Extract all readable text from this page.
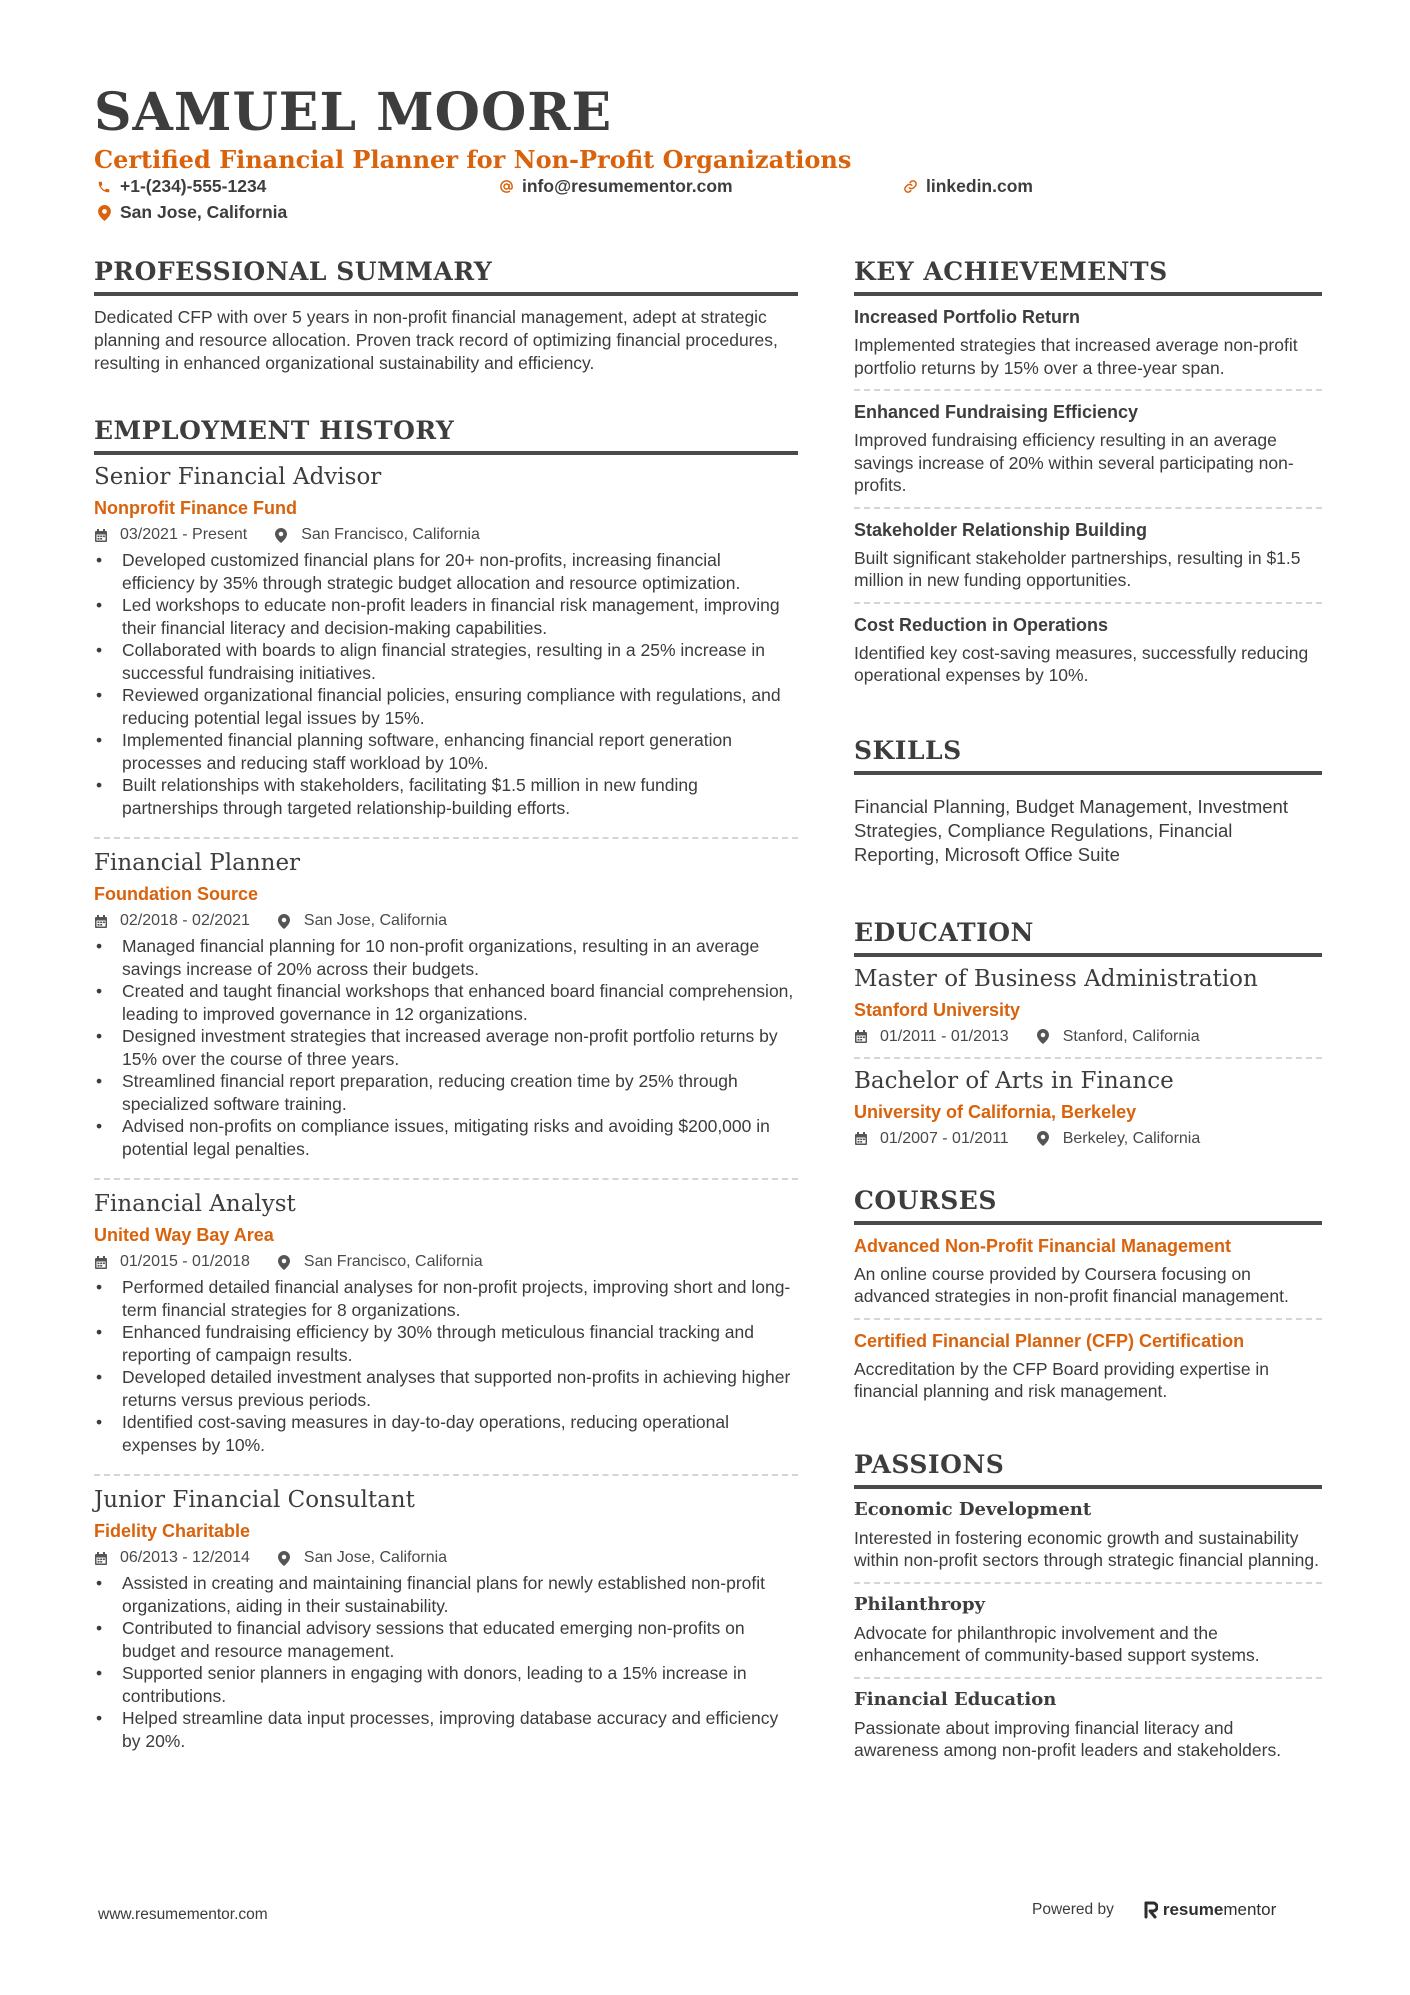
SAMUEL MOORE
Certified Financial Planner for Non-Profit Organizations
+1-(234)-555-1234	info@resumementor.com	linkedin.com
San Jose, California
PROFESSIONAL SUMMARY
Dedicated CFP with over 5 years in non-profit financial management, adept at strategic planning and resource allocation. Proven track record of optimizing financial procedures, resulting in enhanced organizational sustainability and efficiency.
EMPLOYMENT HISTORY
Senior Financial Advisor
Nonprofit Finance Fund
03/2021 - Present	San Francisco, California
• Developed customized financial plans for 20+ non-profits, increasing financial efficiency by 35% through strategic budget allocation and resource optimization.
• Led workshops to educate non-profit leaders in financial risk management, improving their financial literacy and decision-making capabilities.
• Collaborated with boards to align financial strategies, resulting in a 25% increase in successful fundraising initiatives.
• Reviewed organizational financial policies, ensuring compliance with regulations, and reducing potential legal issues by 15%.
• Implemented financial planning software, enhancing financial report generation processes and reducing staff workload by 10%.
• Built relationships with stakeholders, facilitating $1.5 million in new funding partnerships through targeted relationship-building efforts.
Financial Planner
Foundation Source
02/2018 - 02/2021	San Jose, California
• Managed financial planning for 10 non-profit organizations, resulting in an average savings increase of 20% across their budgets.
• Created and taught financial workshops that enhanced board financial comprehension, leading to improved governance in 12 organizations.
• Designed investment strategies that increased average non-profit portfolio returns by 15% over the course of three years.
• Streamlined financial report preparation, reducing creation time by 25% through specialized software training.
• Advised non-profits on compliance issues, mitigating risks and avoiding $200,000 in potential legal penalties.
Financial Analyst
United Way Bay Area
01/2015 - 01/2018	San Francisco, California
• Performed detailed financial analyses for non-profit projects, improving short and long-term financial strategies for 8 organizations.
• Enhanced fundraising efficiency by 30% through meticulous financial tracking and reporting of campaign results.
• Developed detailed investment analyses that supported non-profits in achieving higher returns versus previous periods.
• Identified cost-saving measures in day-to-day operations, reducing operational expenses by 10%.
Junior Financial Consultant
Fidelity Charitable
06/2013 - 12/2014	San Jose, California
• Assisted in creating and maintaining financial plans for newly established non-profit organizations, aiding in their sustainability.
• Contributed to financial advisory sessions that educated emerging non-profits on budget and resource management.
• Supported senior planners in engaging with donors, leading to a 15% increase in contributions.
• Helped streamline data input processes, improving database accuracy and efficiency by 20%.
KEY ACHIEVEMENTS
Increased Portfolio Return
Implemented strategies that increased average non-profit portfolio returns by 15% over a three-year span.
Enhanced Fundraising Efficiency
Improved fundraising efficiency resulting in an average savings increase of 20% within several participating non-profits.
Stakeholder Relationship Building
Built significant stakeholder partnerships, resulting in $1.5 million in new funding opportunities.
Cost Reduction in Operations
Identified key cost-saving measures, successfully reducing operational expenses by 10%.
SKILLS
Financial Planning, Budget Management, Investment Strategies, Compliance Regulations, Financial Reporting, Microsoft Office Suite
EDUCATION
Master of Business Administration
Stanford University
01/2011 - 01/2013	Stanford, California
Bachelor of Arts in Finance
University of California, Berkeley
01/2007 - 01/2011	Berkeley, California
COURSES
Advanced Non-Profit Financial Management
An online course provided by Coursera focusing on advanced strategies in non-profit financial management.
Certified Financial Planner (CFP) Certification
Accreditation by the CFP Board providing expertise in financial planning and risk management.
PASSIONS
Economic Development
Interested in fostering economic growth and sustainability within non-profit sectors through strategic financial planning.
Philanthropy
Advocate for philanthropic involvement and the enhancement of community-based support systems.
Financial Education
Passionate about improving financial literacy and awareness among non-profit leaders and stakeholders.
www.resumementor.com	Powered by	resume mentor
